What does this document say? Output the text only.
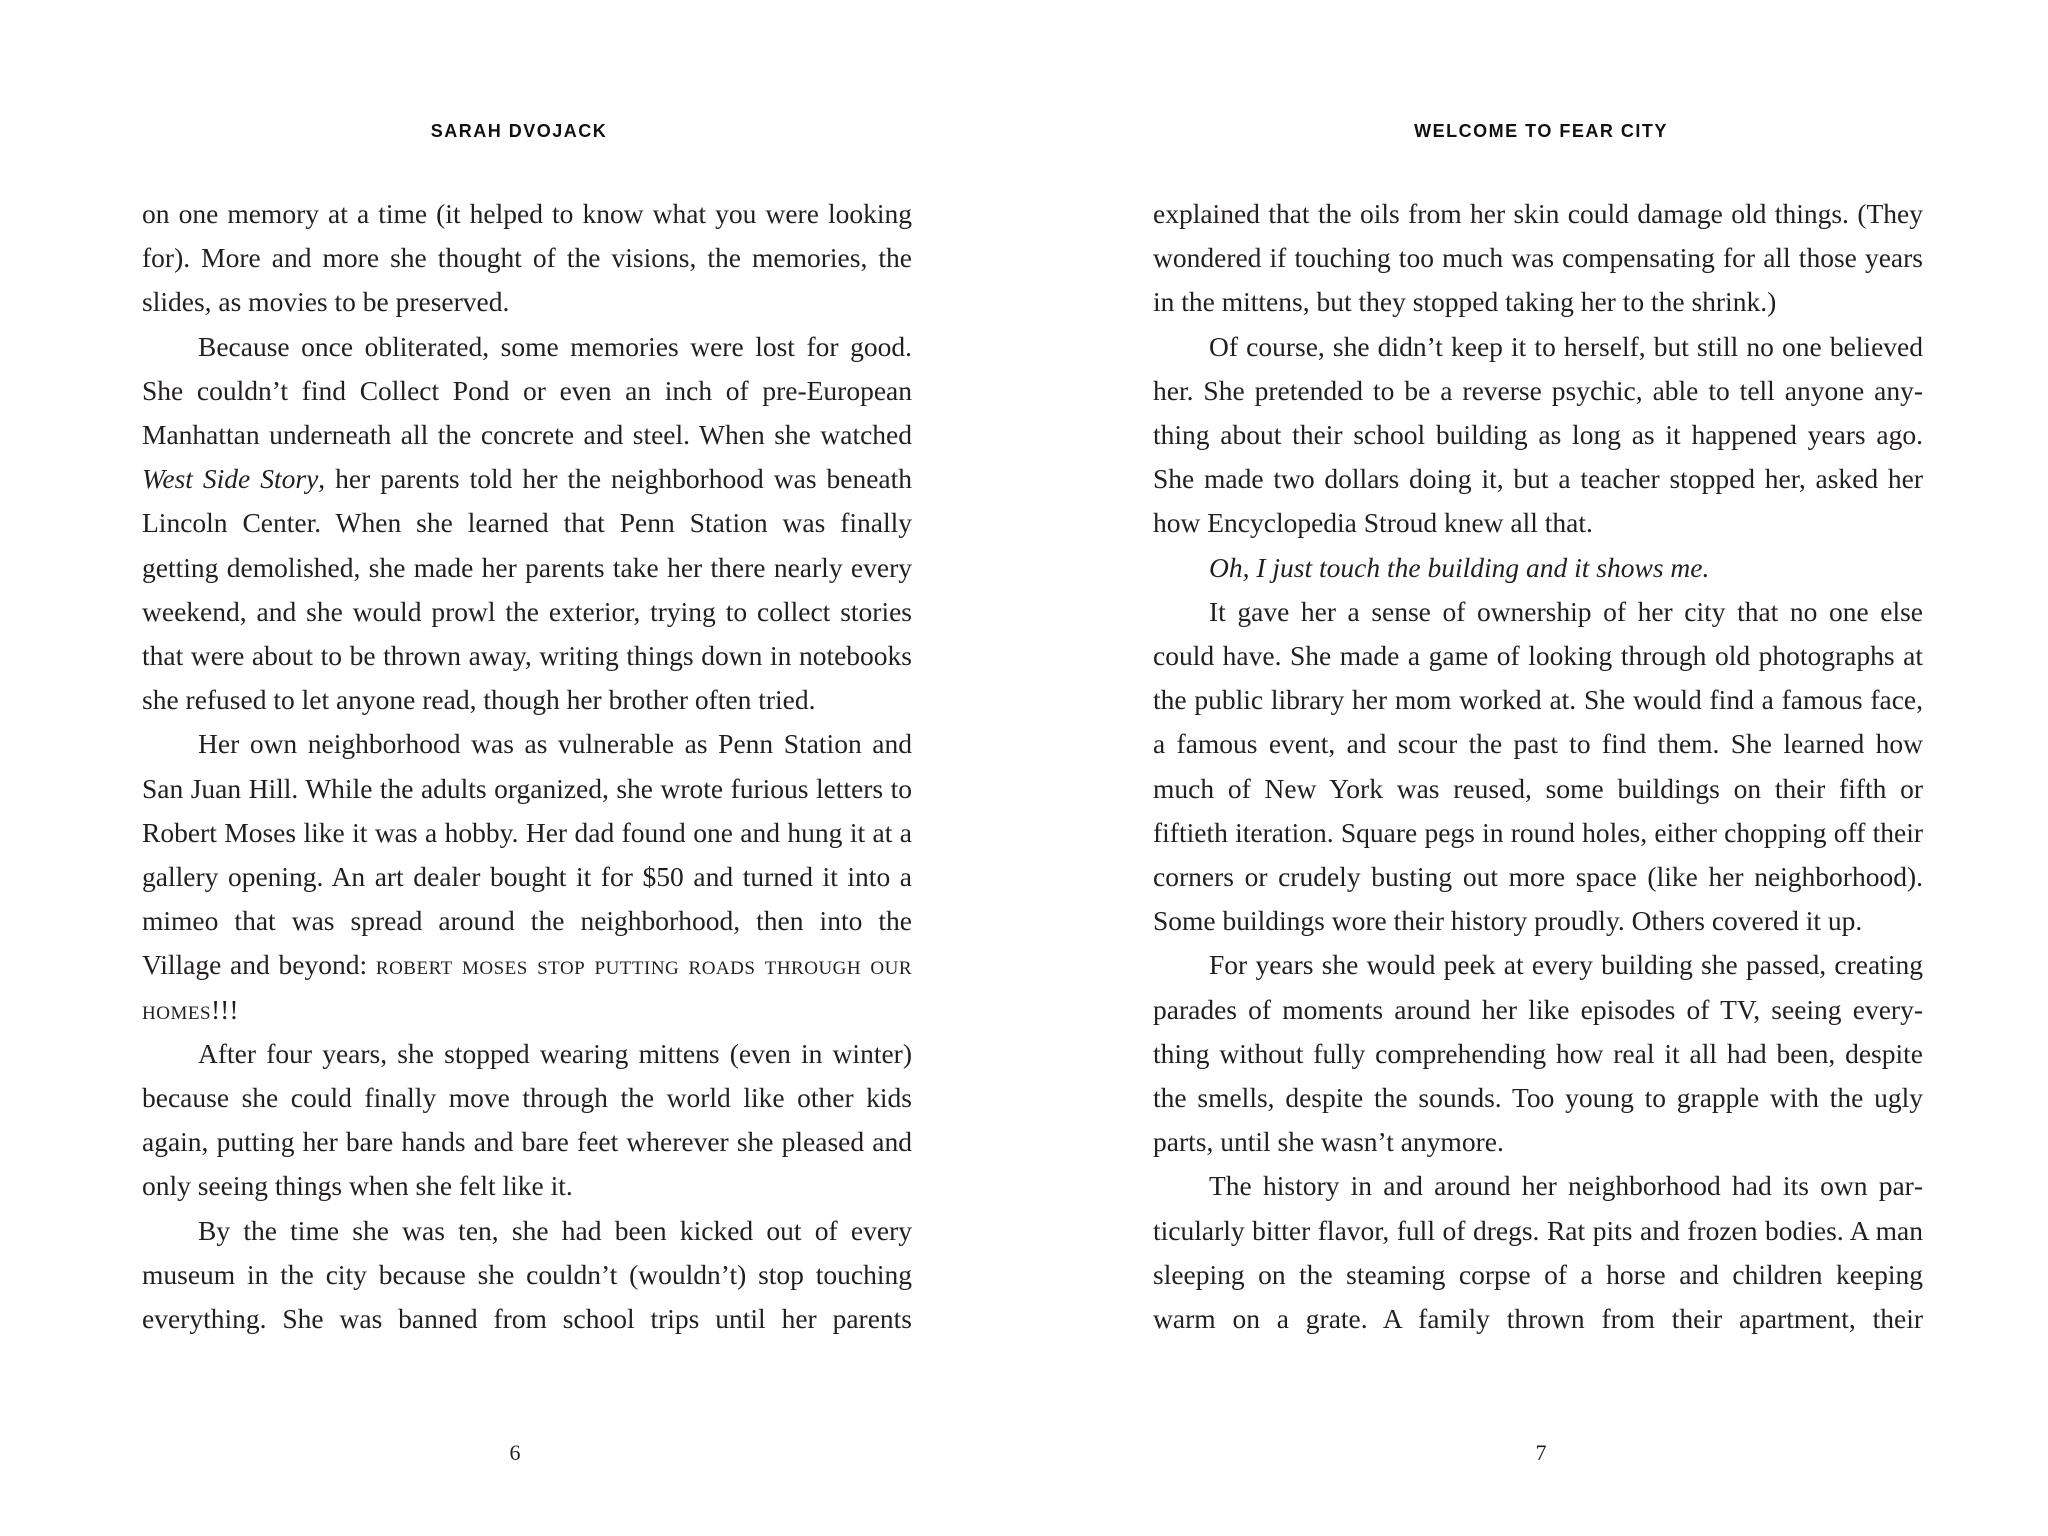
SARAH DVOJACK

on one memory at a time (it helped to know what you were looking for). More and more she thought of the visions, the memories, the slides, as movies to be preserved.

Because once obliterated, some memories were lost for good. She couldn’t find Collect Pond or even an inch of pre-European Manhattan underneath all the concrete and steel. When she watched West Side Story, her parents told her the neighborhood was beneath Lincoln Center. When she learned that Penn Station was finally getting demolished, she made her parents take her there nearly every weekend, and she would prowl the exterior, trying to collect stories that were about to be thrown away, writing things down in notebooks she refused to let anyone read, though her brother often tried.

Her own neighborhood was as vulnerable as Penn Station and San Juan Hill. While the adults organized, she wrote furious letters to Robert Moses like it was a hobby. Her dad found one and hung it at a gallery opening. An art dealer bought it for $50 and turned it into a mimeo that was spread around the neighborhood, then into the Village and beyond: robert moses stop putting roads through our homes!!!

After four years, she stopped wearing mittens (even in winter) because she could finally move through the world like other kids again, putting her bare hands and bare feet wherever she pleased and only seeing things when she felt like it.

By the time she was ten, she had been kicked out of every museum in the city because she couldn’t (wouldn’t) stop touching everything. She was banned from school trips until her parents

6
WELCOME TO FEAR CITY

explained that the oils from her skin could damage old things. (They wondered if touching too much was compensating for all those years in the mittens, but they stopped taking her to the shrink.)

Of course, she didn’t keep it to herself, but still no one believed her. She pretended to be a reverse psychic, able to tell anyone anything about their school building as long as it happened years ago. She made two dollars doing it, but a teacher stopped her, asked her how Encyclopedia Stroud knew all that.

Oh, I just touch the building and it shows me.

It gave her a sense of ownership of her city that no one else could have. She made a game of looking through old photographs at the public library her mom worked at. She would find a famous face, a famous event, and scour the past to find them. She learned how much of New York was reused, some buildings on their fifth or fiftieth iteration. Square pegs in round holes, either chopping off their corners or crudely busting out more space (like her neighborhood). Some buildings wore their history proudly. Others covered it up.

For years she would peek at every building she passed, creating parades of moments around her like episodes of TV, seeing everything without fully comprehending how real it all had been, despite the smells, despite the sounds. Too young to grapple with the ugly parts, until she wasn’t anymore.

The history in and around her neighborhood had its own particularly bitter flavor, full of dregs. Rat pits and frozen bodies. A man sleeping on the steaming corpse of a horse and children keeping warm on a grate. A family thrown from their apartment, their

7
